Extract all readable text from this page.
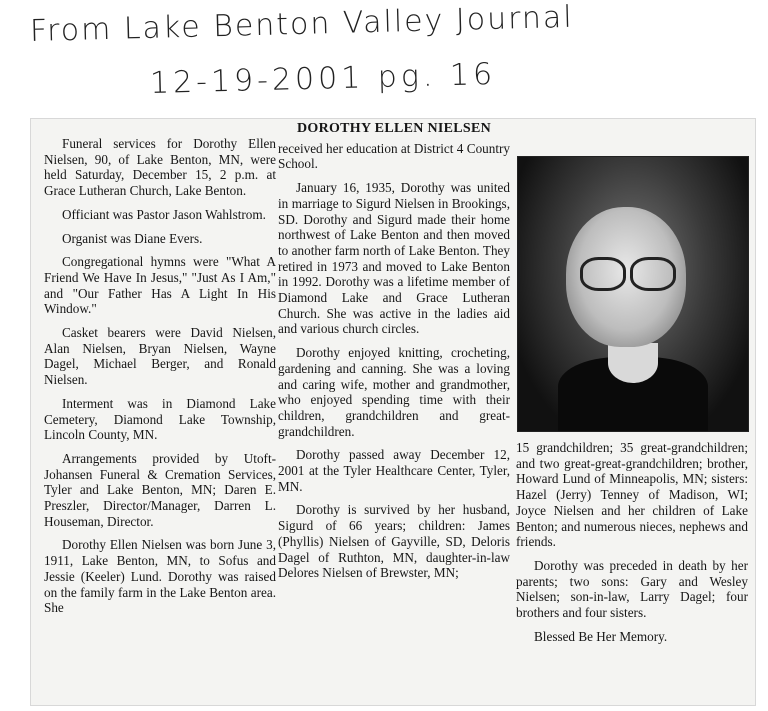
From Lake Benton Valley Journal
12-19-2001 pg. 16

Funeral services for Dorothy Ellen Nielsen, 90, of Lake Benton, MN, were held Saturday, December 15, 2 p.m. at Grace Lutheran Church, Lake Benton.

Officiant was Pastor Jason Wahlstrom.

Organist was Diane Evers.

Congregational hymns were "What A Friend We Have In Jesus," "Just As I Am," and "Our Father Has A Light In His Window."

Casket bearers were David Nielsen, Alan Nielsen, Bryan Nielsen, Wayne Dagel, Michael Berger, and Ronald Nielsen.

Interment was in Diamond Lake Cemetery, Diamond Lake Township, Lincoln County, MN.

Arrangements provided by Utoft-Johansen Funeral & Cremation Services, Tyler and Lake Benton, MN; Daren E. Preszler, Director/Manager, Darren L. Houseman, Director.

Dorothy Ellen Nielsen was born June 3, 1911, Lake Benton, MN, to Sofus and Jessie (Keeler) Lund. Dorothy was raised on the family farm in the Lake Benton area. She

DOROTHY ELLEN NIELSEN

received her education at District 4 Country School.

January 16, 1935, Dorothy was united in marriage to Sigurd Nielsen in Brookings, SD. Dorothy and Sigurd made their home northwest of Lake Benton and then moved to another farm north of Lake Benton. They retired in 1973 and moved to Lake Benton in 1992. Dorothy was a lifetime member of Diamond Lake and Grace Lutheran Church. She was active in the ladies aid and various church circles.

Dorothy enjoyed knitting, crocheting, gardening and canning. She was a loving and caring wife, mother and grandmother, who enjoyed spending time with their children, grandchildren and great-grandchildren.

Dorothy passed away December 12, 2001 at the Tyler Healthcare Center, Tyler, MN.

Dorothy is survived by her husband, Sigurd of 66 years; children: James (Phyllis) Nielsen of Gayville, SD, Deloris Dagel of Ruthton, MN, daughter-in-law Delores Nielsen of Brewster, MN;

15 grandchildren; 35 great-grandchildren; and two great-great-grandchildren; brother, Howard Lund of Minneapolis, MN; sisters: Hazel (Jerry) Tenney of Madison, WI; Joyce Nielsen and her children of Lake Benton; and numerous nieces, nephews and friends.

Dorothy was preceded in death by her parents; two sons: Gary and Wesley Nielsen; son-in-law, Larry Dagel; four brothers and four sisters.

Blessed Be Her Memory.
